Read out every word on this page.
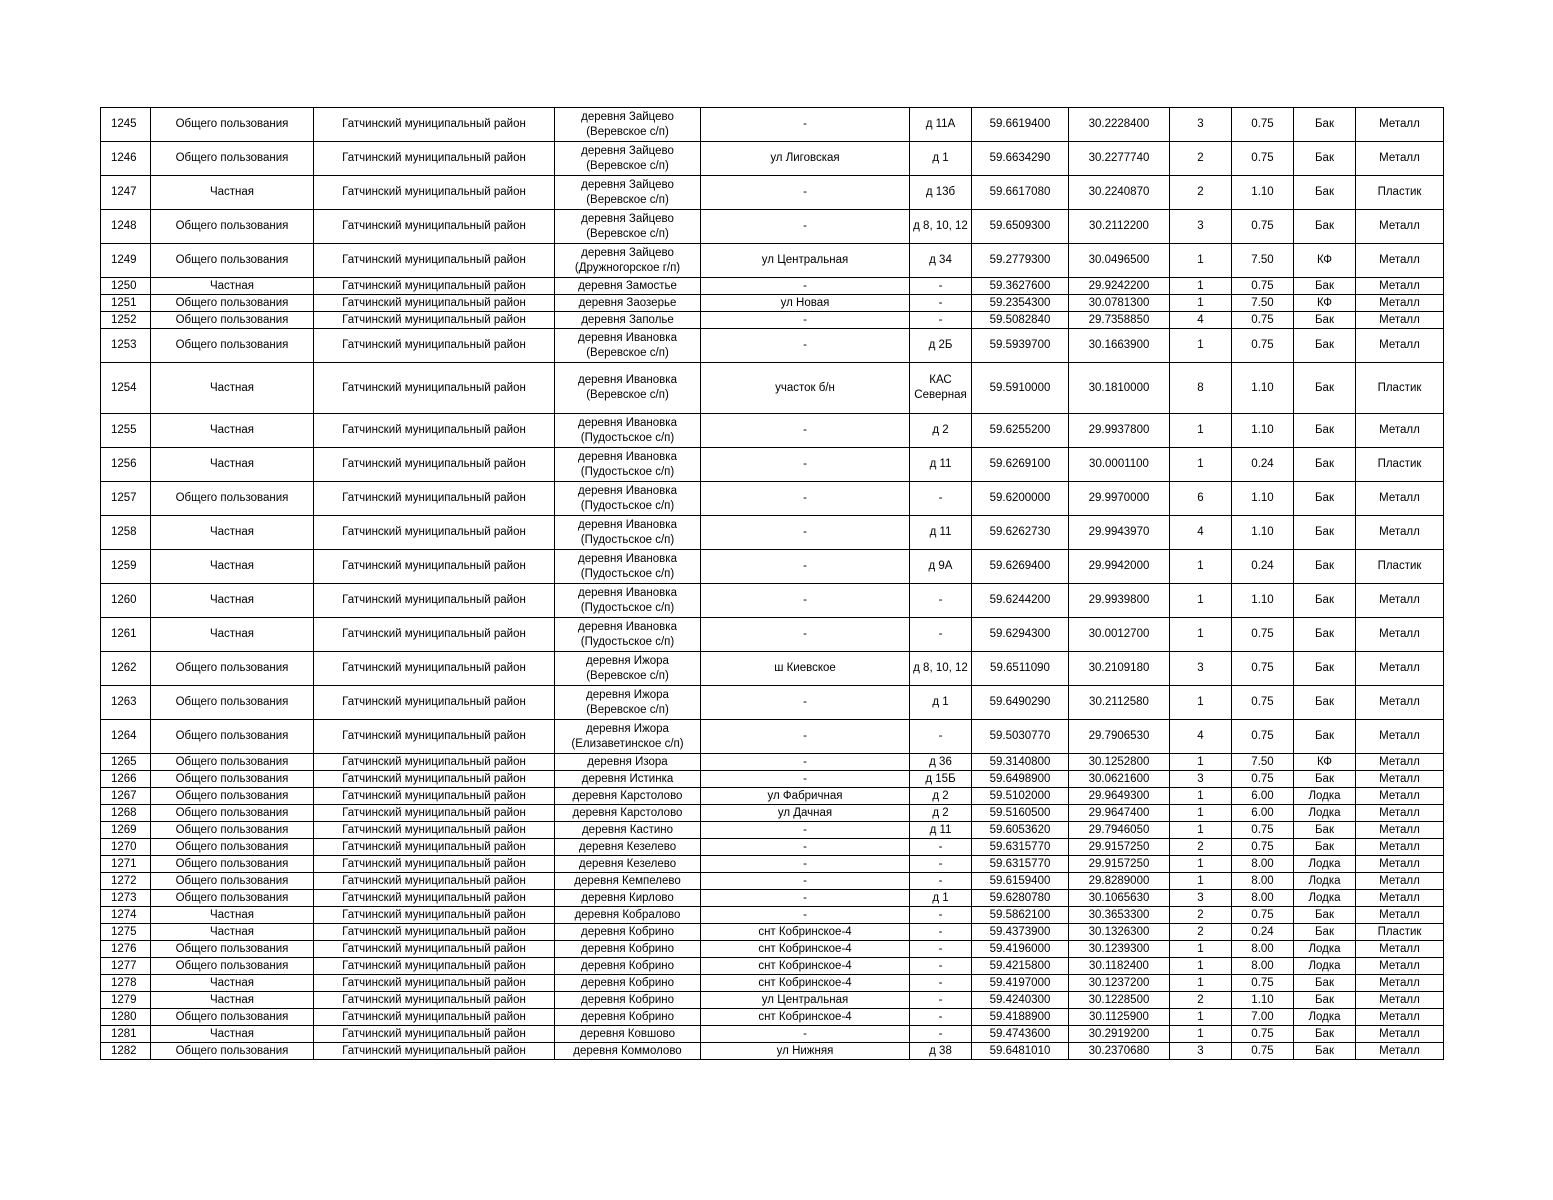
1245	Общего пользования	Гатчинский муниципальный район	деревня Зайцево
(Веревское с/п)	-	д 11А	59.6619400	30.2228400	3	0.75	Бак	Металл
1246	Общего пользования	Гатчинский муниципальный район	деревня Зайцево
(Веревское с/п)	ул Лиговская	д 1	59.6634290	30.2277740	2	0.75	Бак	Металл
1247	Частная	Гатчинский муниципальный район	деревня Зайцево
(Веревское с/п)	-	д 13б	59.6617080	30.2240870	2	1.10	Бак	Пластик
1248	Общего пользования	Гатчинский муниципальный район	деревня Зайцево
(Веревское с/п)	-	д 8, 10, 12	59.6509300	30.2112200	3	0.75	Бак	Металл
1249	Общего пользования	Гатчинский муниципальный район	деревня Зайцево
(Дружногорское г/п)	ул Центральная	д 34	59.2779300	30.0496500	1	7.50	КФ	Металл
1250	Частная	Гатчинский муниципальный район	деревня Замостье	-	-	59.3627600	29.9242200	1	0.75	Бак	Металл
1251	Общего пользования	Гатчинский муниципальный район	деревня Заозерье	ул Новая	-	59.2354300	30.0781300	1	7.50	КФ	Металл
1252	Общего пользования	Гатчинский муниципальный район	деревня Заполье	-	-	59.5082840	29.7358850	4	0.75	Бак	Металл
1253	Общего пользования	Гатчинский муниципальный район	деревня Ивановка
(Веревское с/п)	-	д 2Б	59.5939700	30.1663900	1	0.75	Бак	Металл
1254	Частная	Гатчинский муниципальный район	деревня Ивановка
(Веревское с/п)	участок б/н	КАС
Северная	59.5910000	30.1810000	8	1.10	Бак	Пластик
1255	Частная	Гатчинский муниципальный район	деревня Ивановка
(Пудостьское с/п)	-	д 2	59.6255200	29.9937800	1	1.10	Бак	Металл
1256	Частная	Гатчинский муниципальный район	деревня Ивановка
(Пудостьское с/п)	-	д 11	59.6269100	30.0001100	1	0.24	Бак	Пластик
1257	Общего пользования	Гатчинский муниципальный район	деревня Ивановка
(Пудостьское с/п)	-	-	59.6200000	29.9970000	6	1.10	Бак	Металл
1258	Частная	Гатчинский муниципальный район	деревня Ивановка
(Пудостьское с/п)	-	д 11	59.6262730	29.9943970	4	1.10	Бак	Металл
1259	Частная	Гатчинский муниципальный район	деревня Ивановка
(Пудостьское с/п)	-	д 9А	59.6269400	29.9942000	1	0.24	Бак	Пластик
1260	Частная	Гатчинский муниципальный район	деревня Ивановка
(Пудостьское с/п)	-	-	59.6244200	29.9939800	1	1.10	Бак	Металл
1261	Частная	Гатчинский муниципальный район	деревня Ивановка
(Пудостьское с/п)	-	-	59.6294300	30.0012700	1	0.75	Бак	Металл
1262	Общего пользования	Гатчинский муниципальный район	деревня Ижора
(Веревское с/п)	ш Киевское	д 8, 10, 12	59.6511090	30.2109180	3	0.75	Бак	Металл
1263	Общего пользования	Гатчинский муниципальный район	деревня Ижора
(Веревское с/п)	-	д 1	59.6490290	30.2112580	1	0.75	Бак	Металл
1264	Общего пользования	Гатчинский муниципальный район	деревня Ижора
(Елизаветинское с/п)	-	-	59.5030770	29.7906530	4	0.75	Бак	Металл
1265	Общего пользования	Гатчинский муниципальный район	деревня Изора	-	д 36	59.3140800	30.1252800	1	7.50	КФ	Металл
1266	Общего пользования	Гатчинский муниципальный район	деревня Истинка	-	д 15Б	59.6498900	30.0621600	3	0.75	Бак	Металл
1267	Общего пользования	Гатчинский муниципальный район	деревня Карстолово	ул Фабричная	д 2	59.5102000	29.9649300	1	6.00	Лодка	Металл
1268	Общего пользования	Гатчинский муниципальный район	деревня Карстолово	ул Дачная	д 2	59.5160500	29.9647400	1	6.00	Лодка	Металл
1269	Общего пользования	Гатчинский муниципальный район	деревня Кастино	-	д 11	59.6053620	29.7946050	1	0.75	Бак	Металл
1270	Общего пользования	Гатчинский муниципальный район	деревня Кезелево	-	-	59.6315770	29.9157250	2	0.75	Бак	Металл
1271	Общего пользования	Гатчинский муниципальный район	деревня Кезелево	-	-	59.6315770	29.9157250	1	8.00	Лодка	Металл
1272	Общего пользования	Гатчинский муниципальный район	деревня Кемпелево	-	-	59.6159400	29.8289000	1	8.00	Лодка	Металл
1273	Общего пользования	Гатчинский муниципальный район	деревня Кирлово	-	д 1	59.6280780	30.1065630	3	8.00	Лодка	Металл
1274	Частная	Гатчинский муниципальный район	деревня Кобралово	-	-	59.5862100	30.3653300	2	0.75	Бак	Металл
1275	Частная	Гатчинский муниципальный район	деревня Кобрино	снт Кобринское-4	-	59.4373900	30.1326300	2	0.24	Бак	Пластик
1276	Общего пользования	Гатчинский муниципальный район	деревня Кобрино	снт Кобринское-4	-	59.4196000	30.1239300	1	8.00	Лодка	Металл
1277	Общего пользования	Гатчинский муниципальный район	деревня Кобрино	снт Кобринское-4	-	59.4215800	30.1182400	1	8.00	Лодка	Металл
1278	Частная	Гатчинский муниципальный район	деревня Кобрино	снт Кобринское-4	-	59.4197000	30.1237200	1	0.75	Бак	Металл
1279	Частная	Гатчинский муниципальный район	деревня Кобрино	ул Центральная	-	59.4240300	30.1228500	2	1.10	Бак	Металл
1280	Общего пользования	Гатчинский муниципальный район	деревня Кобрино	снт Кобринское-4	-	59.4188900	30.1125900	1	7.00	Лодка	Металл
1281	Частная	Гатчинский муниципальный район	деревня Ковшово	-	-	59.4743600	30.2919200	1	0.75	Бак	Металл
1282	Общего пользования	Гатчинский муниципальный район	деревня Коммолово	ул Нижняя	д 38	59.6481010	30.2370680	3	0.75	Бак	Металл
